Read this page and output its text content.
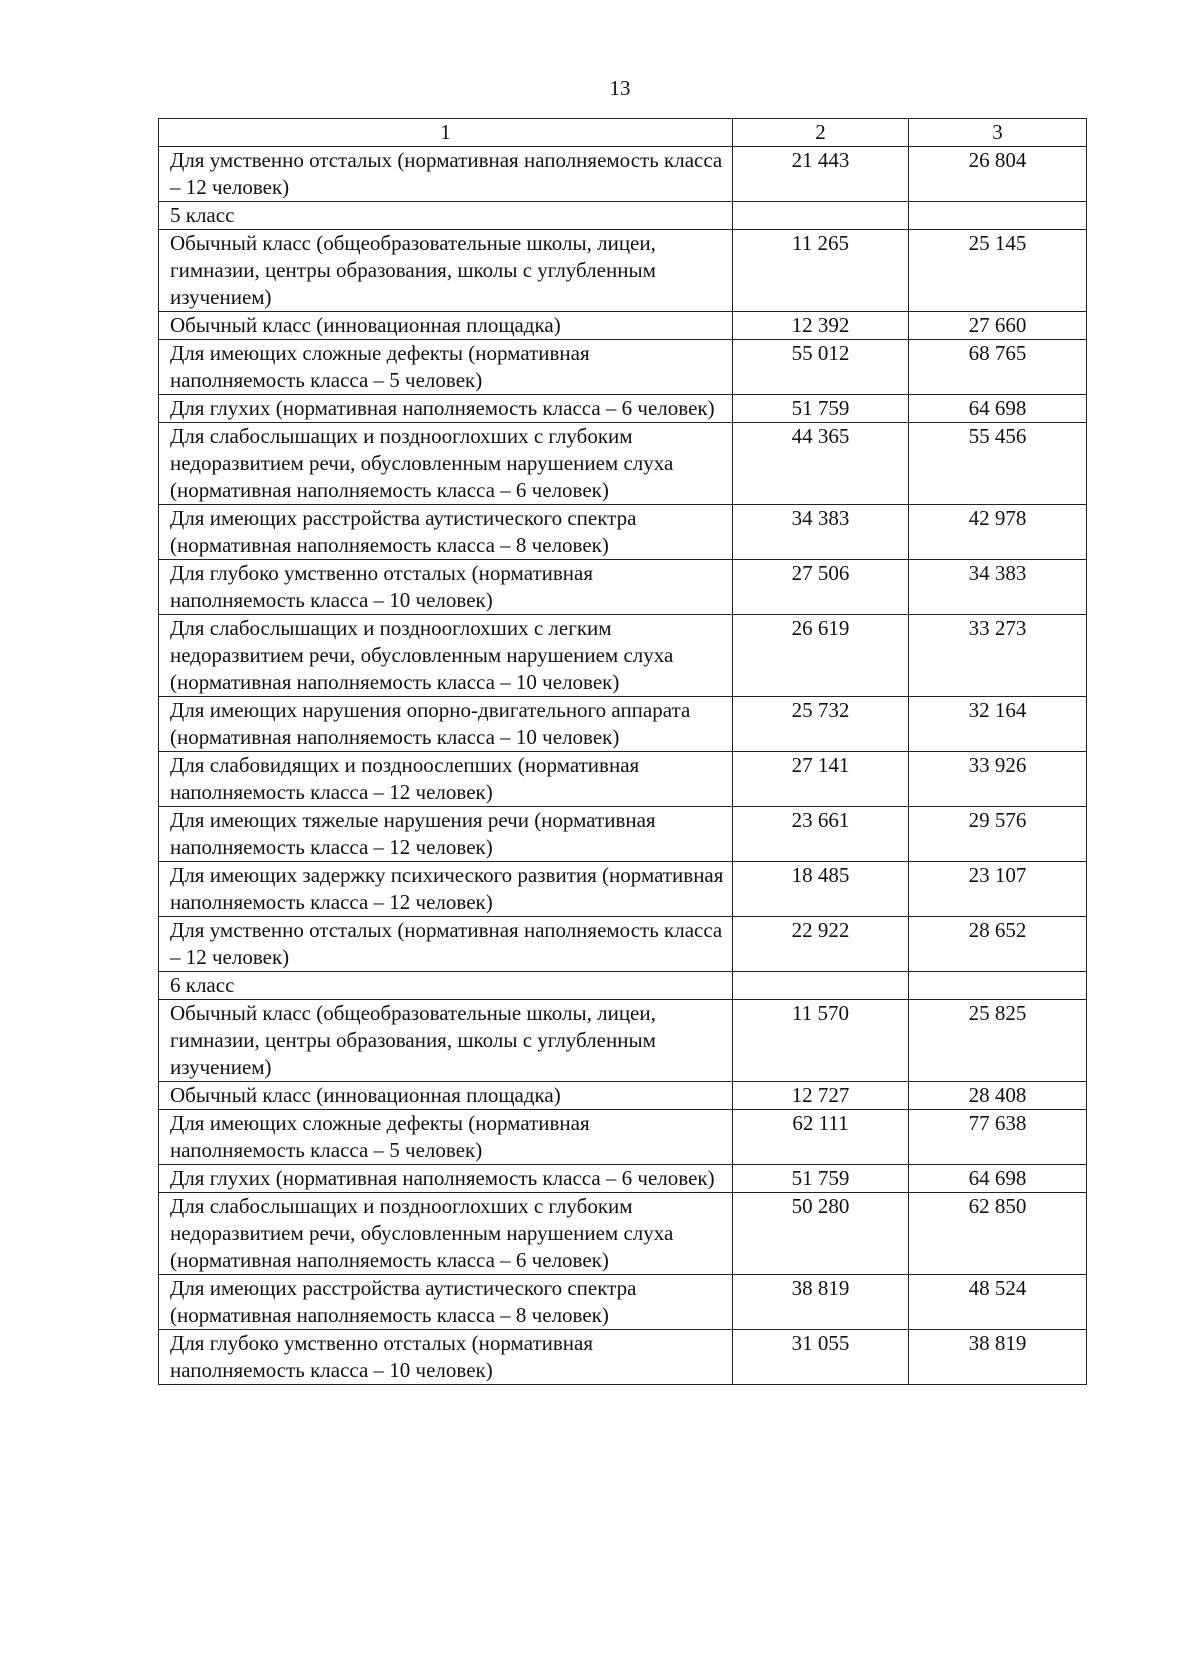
13
1	2	3
Для умственно отсталых (нормативная наполняемость класса – 12 человек)	21 443	26 804
5 класс		
Обычный класс (общеобразовательные школы, лицеи, гимназии, центры образования, школы с углубленным изучением)	11 265	25 145
Обычный класс (инновационная площадка)	12 392	27 660
Для имеющих сложные дефекты (нормативная наполняемость класса – 5 человек)	55 012	68 765
Для глухих (нормативная наполняемость класса – 6 человек)	51 759	64 698
Для слабослышащих и позднооглохших с глубоким недоразвитием речи, обусловленным нарушением слуха (нормативная наполняемость класса – 6 человек)	44 365	55 456
Для имеющих расстройства аутистического спектра (нормативная наполняемость класса – 8 человек)	34 383	42 978
Для глубоко умственно отсталых (нормативная наполняемость класса – 10 человек)	27 506	34 383
Для слабослышащих и позднооглохших с легким недоразвитием речи, обусловленным нарушением слуха (нормативная наполняемость класса – 10 человек)	26 619	33 273
Для имеющих нарушения опорно-двигательного аппарата (нормативная наполняемость класса – 10 человек)	25 732	32 164
Для слабовидящих и поздноослепших (нормативная наполняемость класса – 12 человек)	27 141	33 926
Для имеющих тяжелые нарушения речи (нормативная наполняемость класса – 12 человек)	23 661	29 576
Для имеющих задержку психического развития (нормативная наполняемость класса – 12 человек)	18 485	23 107
Для умственно отсталых (нормативная наполняемость класса – 12 человек)	22 922	28 652
6 класс		
Обычный класс (общеобразовательные школы, лицеи, гимназии, центры образования, школы с углубленным изучением)	11 570	25 825
Обычный класс (инновационная площадка)	12 727	28 408
Для имеющих сложные дефекты (нормативная наполняемость класса – 5 человек)	62 111	77 638
Для глухих (нормативная наполняемость класса – 6 человек)	51 759	64 698
Для слабослышащих и позднооглохших с глубоким недоразвитием речи, обусловленным нарушением слуха (нормативная наполняемость класса – 6 человек)	50 280	62 850
Для имеющих расстройства аутистического спектра (нормативная наполняемость класса – 8 человек)	38 819	48 524
Для глубоко умственно отсталых (нормативная наполняемость класса – 10 человек)	31 055	38 819
